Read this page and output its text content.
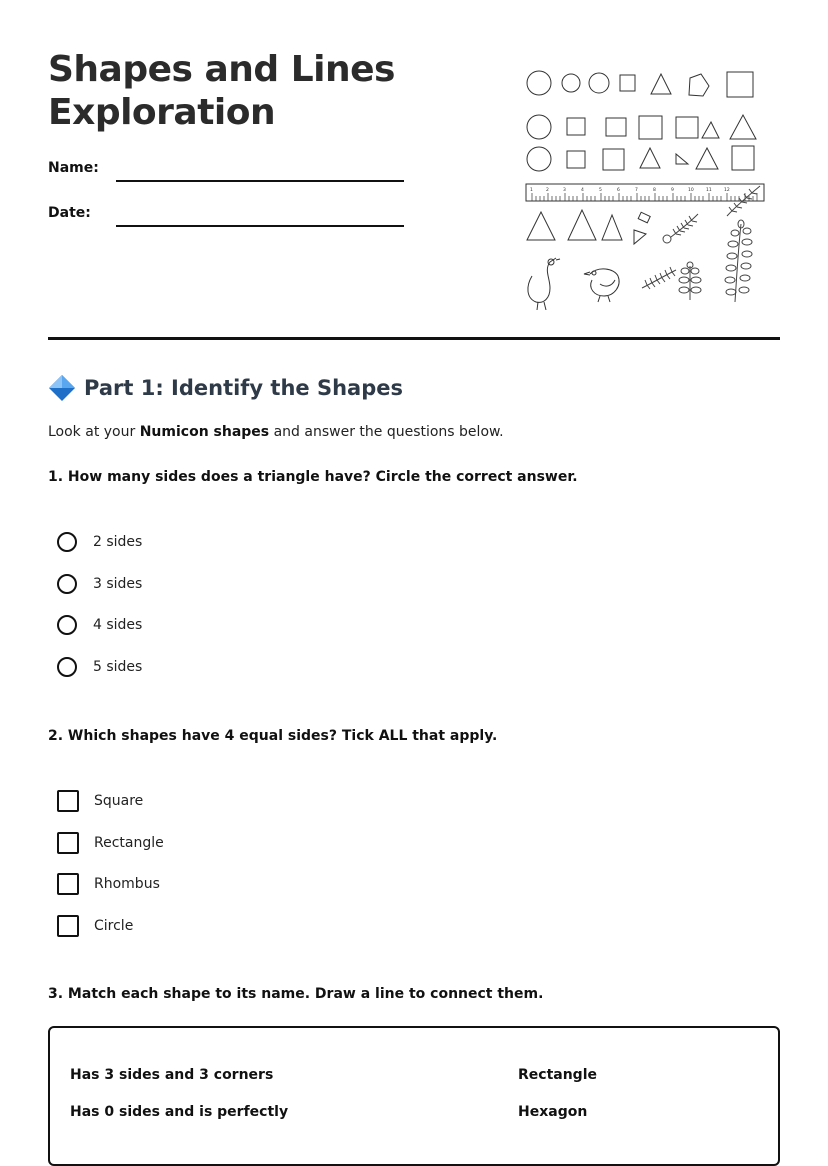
Shapes and Lines
Exploration
Name:
Date:
1	2	3	4	5	6	7	8	9	10	11	12
Part 1: Identify the Shapes
Look at your Numicon shapes and answer the questions below.
1. How many sides does a triangle have? Circle the correct answer.
2 sides
3 sides
4 sides
5 sides
2. Which shapes have 4 equal sides? Tick ALL that apply.
Square
Rectangle
Rhombus
Circle
3. Match each shape to its name. Draw a line to connect them.
Has 3 sides and 3 corners	Rectangle
Has 0 sides and is perfectly	Hexagon
